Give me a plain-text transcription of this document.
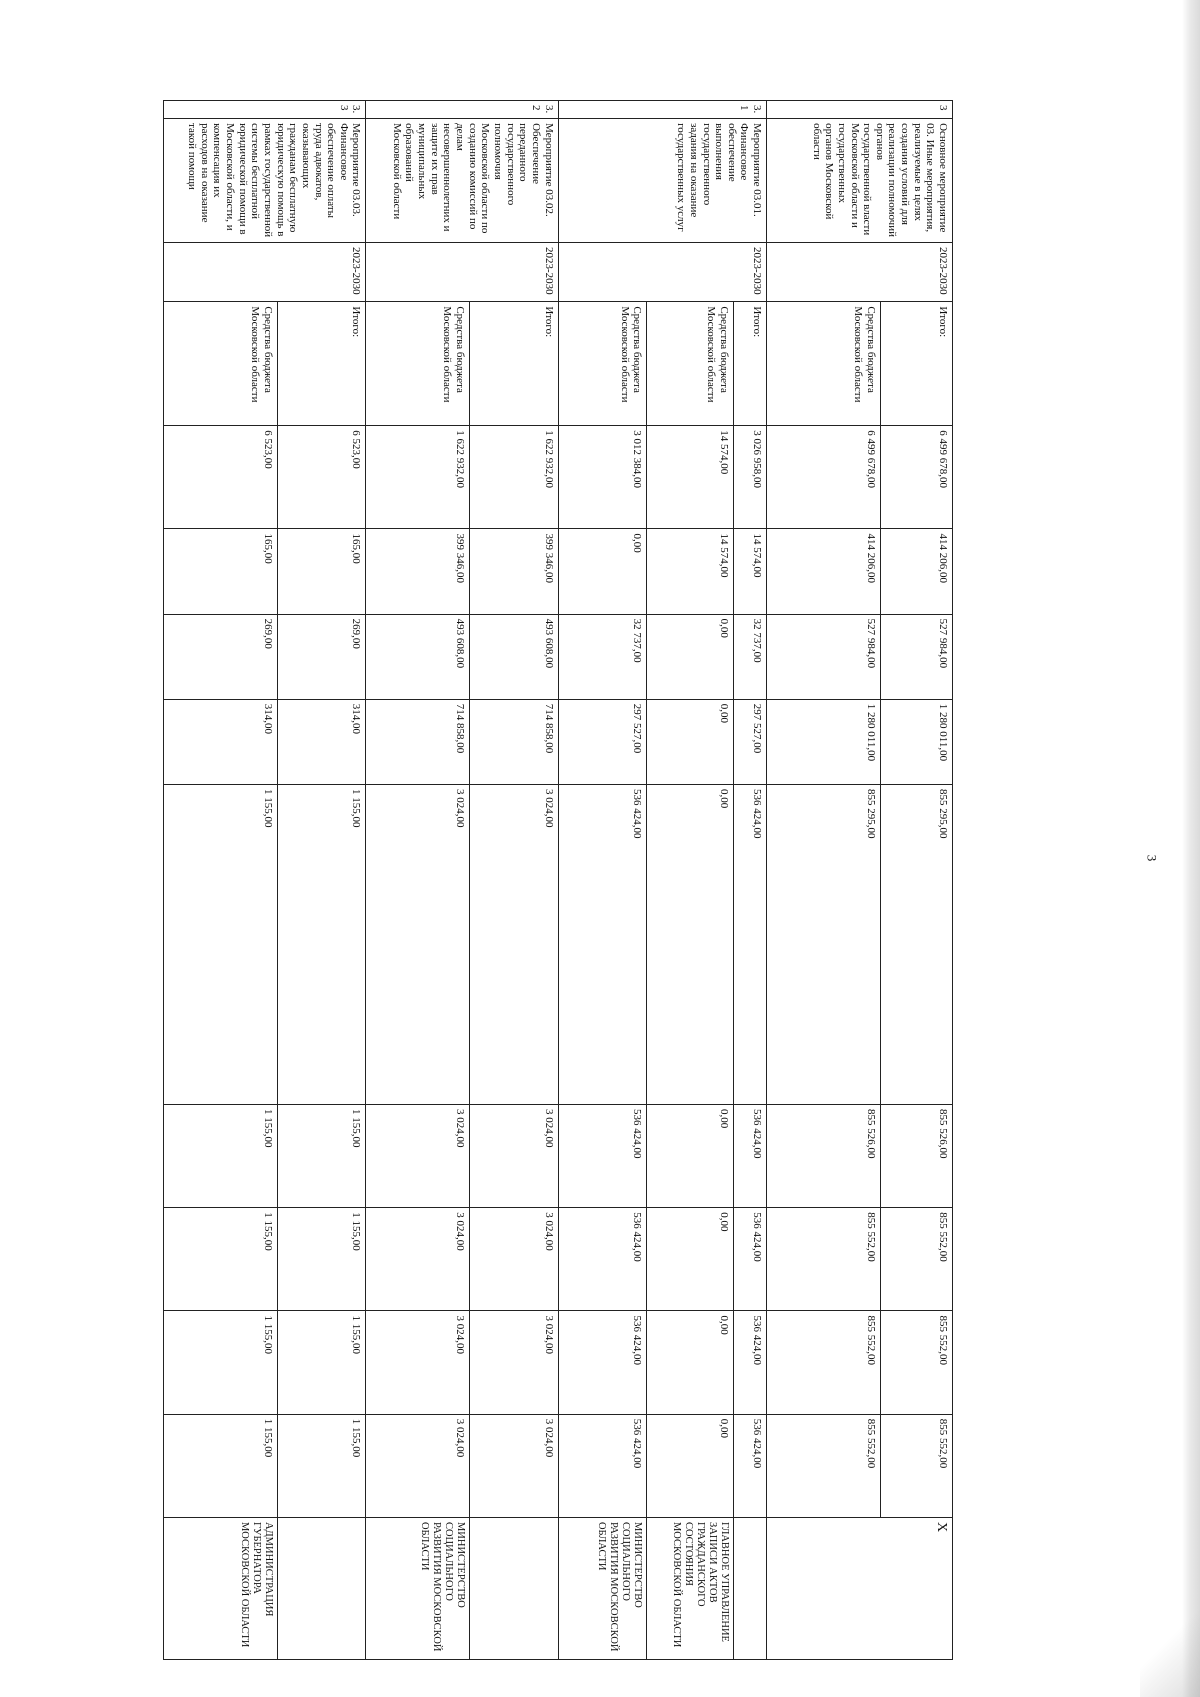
3	Основное мероприятие 03. Иные мероприятия, реализуемые в целях создания условий для реализации полномочий органов государственной власти Московской области и государственных органов Московской области	2023-2030	Итого:	6 499 678,00	414 206,00	527 984,00	1 280 011,00	855 295,00	855 526,00	855 552,00	855 552,00	855 552,00	X
			Средства бюджета Московской области	6 499 678,00	414 206,00	527 984,00	1 280 011,00	855 295,00	855 526,00	855 552,00	855 552,00	855 552,00	
3.1	Мероприятие 03.01. Финансовое обеспечение выполнения государственного задания на оказание государственных услуг	2023-2030	Итого:	3 026 958,00	14 574,00	32 737,00	297 527,00	536 424,00	536 424,00	536 424,00	536 424,00	536 424,00	
			Средства бюджета Московской области	14 574,00	14 574,00	0,00	0,00	0,00	0,00	0,00	0,00	0,00	ГЛАВНОЕ УПРАВЛЕНИЕ ЗАПИСИ АКТОВ ГРАЖДАНСКОГО СОСТОЯНИЯ МОСКОВСКОЙ ОБЛАСТИ
			Средства бюджета Московской области	3 012 384,00	0,00	32 737,00	297 527,00	536 424,00	536 424,00	536 424,00	536 424,00	536 424,00	МИНИСТЕРСТВО СОЦИАЛЬНОГО РАЗВИТИЯ МОСКОВСКОЙ ОБЛАСТИ
3.2	Мероприятие 03.02. Обеспечение переданного государственного полномочия Московской области по созданию комиссий по делам несовершеннолетних и защите их прав муниципальных образований Московской области	2023-2030	Итого:	1 622 932,00	399 346,00	493 608,00	714 858,00	3 024,00	3 024,00	3 024,00	3 024,00	3 024,00	
			Средства бюджета Московской области	1 622 932,00	399 346,00	493 608,00	714 858,00	3 024,00	3 024,00	3 024,00	3 024,00	3 024,00	МИНИСТЕРСТВО СОЦИАЛЬНОГО РАЗВИТИЯ МОСКОВСКОЙ ОБЛАСТИ
3.3	Мероприятие 03.03. Финансовое обеспечение оплаты труда адвокатов, оказывающих гражданам бесплатную юридическую помощь в рамках государственной системы бесплатной юридической помощи в Московской области, и компенсация их расходов на оказание такой помощи	2023-2030	Итого:	6 523,00	165,00	269,00	314,00	1 155,00	1 155,00	1 155,00	1 155,00	1 155,00	
			Средства бюджета Московской области	6 523,00	165,00	269,00	314,00	1 155,00	1 155,00	1 155,00	1 155,00	1 155,00	АДМИНИСТРАЦИЯ ГУБЕРНАТОРА МОСКОВСКОЙ ОБЛАСТИ
3
